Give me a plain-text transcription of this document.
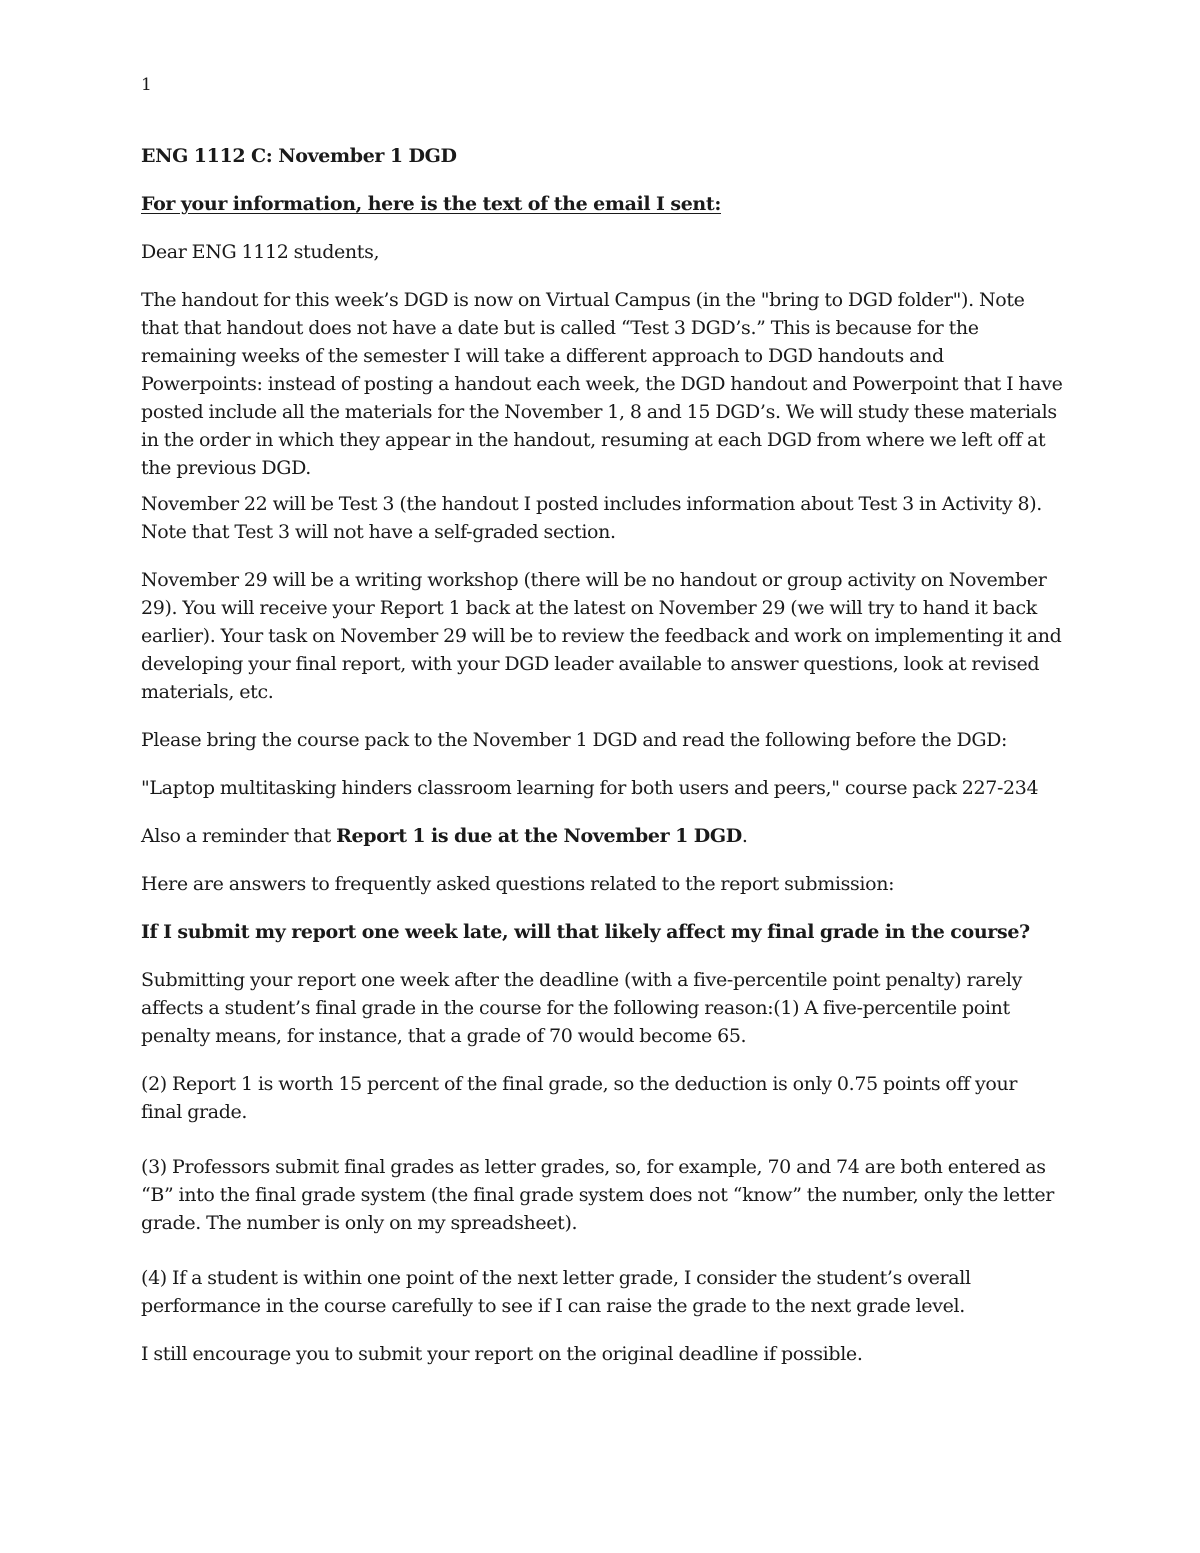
1

ENG 1112 C: November 1 DGD

For your information, here is the text of the email I sent:

Dear ENG 1112 students,

The handout for this week’s DGD is now on Virtual Campus (in the "bring to DGD folder"). Note that that handout does not have a date but is called “Test 3 DGD’s.” This is because for the remaining weeks of the semester I will take a different approach to DGD handouts and Powerpoints: instead of posting a handout each week, the DGD handout and Powerpoint that I have posted include all the materials for the November 1, 8 and 15 DGD’s. We will study these materials in the order in which they appear in the handout, resuming at each DGD from where we left off at the previous DGD.

November 22 will be Test 3 (the handout I posted includes information about Test 3 in Activity 8). Note that Test 3 will not have a self-graded section.

November 29 will be a writing workshop (there will be no handout or group activity on November 29). You will receive your Report 1 back at the latest on November 29 (we will try to hand it back earlier). Your task on November 29 will be to review the feedback and work on implementing it and developing your final report, with your DGD leader available to answer questions, look at revised materials, etc.

Please bring the course pack to the November 1 DGD and read the following before the DGD:

"Laptop multitasking hinders classroom learning for both users and peers," course pack 227-234

Also a reminder that Report 1 is due at the November 1 DGD.

Here are answers to frequently asked questions related to the report submission:

If I submit my report one week late, will that likely affect my final grade in the course?

Submitting your report one week after the deadline (with a five-percentile point penalty) rarely affects a student’s final grade in the course for the following reason:(1) A five-percentile point penalty means, for instance, that a grade of 70 would become 65.

(2) Report 1 is worth 15 percent of the final grade, so the deduction is only 0.75 points off your final grade.

(3) Professors submit final grades as letter grades, so, for example, 70 and 74 are both entered as “B” into the final grade system (the final grade system does not “know” the number, only the letter grade. The number is only on my spreadsheet).

(4) If a student is within one point of the next letter grade, I consider the student’s overall performance in the course carefully to see if I can raise the grade to the next grade level.

I still encourage you to submit your report on the original deadline if possible.
